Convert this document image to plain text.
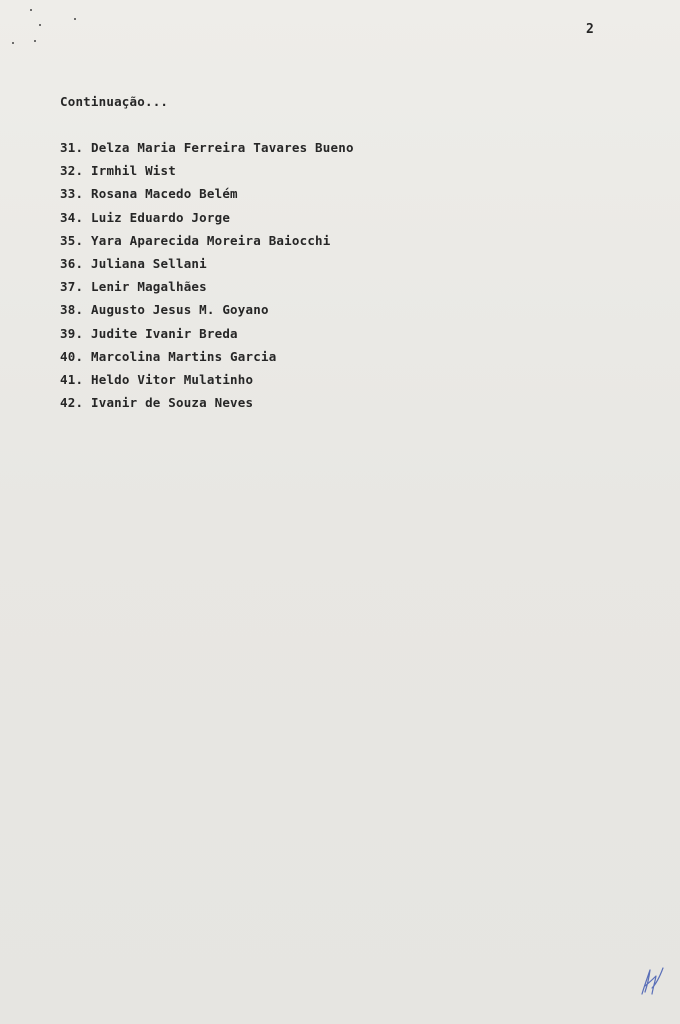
2
Continuação...
31. Delza Maria Ferreira Tavares Bueno
32. Irmhil Wist
33. Rosana Macedo Belém
34. Luiz Eduardo Jorge
35. Yara Aparecida Moreira Baiocchi
36. Juliana Sellani
37. Lenir Magalhães
38. Augusto Jesus M. Goyano
39. Judite Ivanir Breda
40. Marcolina Martins Garcia
41. Heldo Vitor Mulatinho
42. Ivanir de Souza Neves
